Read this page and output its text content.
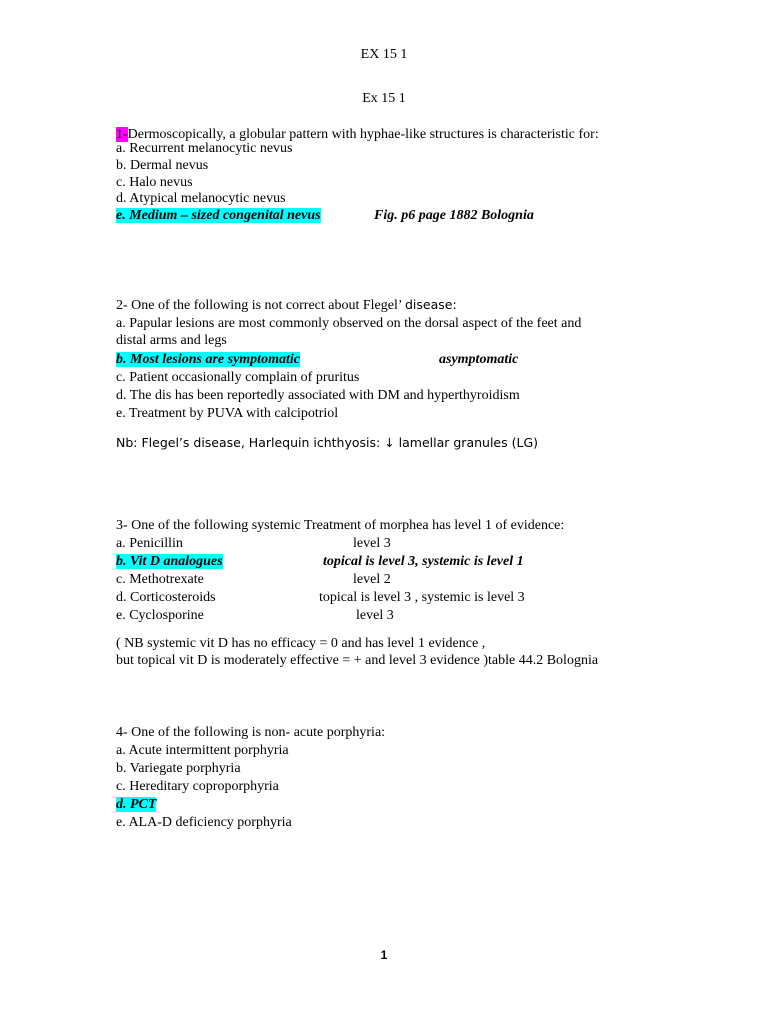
EX 15 1
Ex 15 1
1-Dermoscopically, a globular pattern with hyphae-like structures is characteristic for:
a. Recurrent melanocytic nevus
b. Dermal nevus
c. Halo nevus
d. Atypical melanocytic nevus
e. Medium – sized congenital nevus	Fig. p6 page 1882 Bolognia
2- One of the following is not correct about Flegel’ disease:
a. Papular lesions are most commonly observed on the dorsal aspect of the feet and
distal arms and legs
b. Most lesions are symptomatic	asymptomatic
c. Patient occasionally complain of pruritus
d. The dis has been reportedly associated with DM and hyperthyroidism
e. Treatment by PUVA with calcipotriol
Nb: Flegel’s disease, Harlequin ichthyosis: ↓ lamellar granules (LG)
3- One of the following systemic Treatment of morphea has level 1 of evidence:
a. Penicillin	level 3
b. Vit D analogues	topical is level 3, systemic is level 1
c. Methotrexate	level 2
d. Corticosteroids	topical is level 3 , systemic is level 3
e. Cyclosporine	level 3
( NB systemic vit D has no efficacy = 0 and has level 1 evidence ,
but topical vit D is moderately effective = + and level 3 evidence )table 44.2 Bolognia
4- One of the following is non- acute porphyria:
a. Acute intermittent porphyria
b. Variegate porphyria
c. Hereditary coproporphyria
d. PCT
e. ALA-D deficiency porphyria
1
